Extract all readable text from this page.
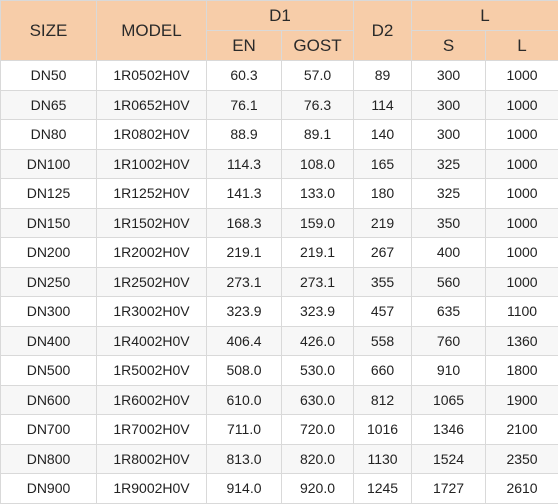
SIZE	MODEL	D1		D2	L	
		EN	GOST		S	L
DN50	1R0502H0V	60.3	57.0	89	300	1000
DN65	1R0652H0V	76.1	76.3	114	300	1000
DN80	1R0802H0V	88.9	89.1	140	300	1000
DN100	1R1002H0V	114.3	108.0	165	325	1000
DN125	1R1252H0V	141.3	133.0	180	325	1000
DN150	1R1502H0V	168.3	159.0	219	350	1000
DN200	1R2002H0V	219.1	219.1	267	400	1000
DN250	1R2502H0V	273.1	273.1	355	560	1000
DN300	1R3002H0V	323.9	323.9	457	635	1100
DN400	1R4002H0V	406.4	426.0	558	760	1360
DN500	1R5002H0V	508.0	530.0	660	910	1800
DN600	1R6002H0V	610.0	630.0	812	1065	1900
DN700	1R7002H0V	711.0	720.0	1016	1346	2100
DN800	1R8002H0V	813.0	820.0	1130	1524	2350
DN900	1R9002H0V	914.0	920.0	1245	1727	2610
